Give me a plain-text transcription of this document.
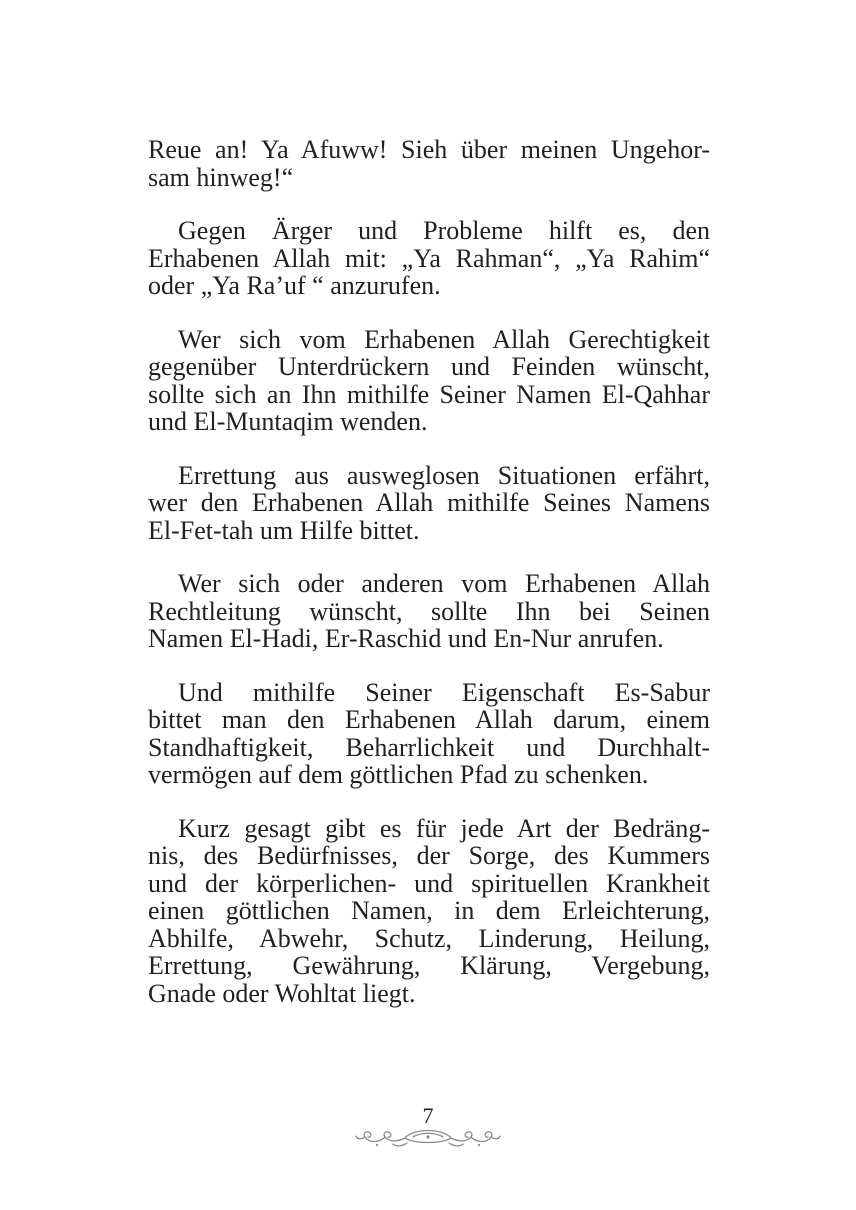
Reue an! Ya Afuww! Sieh über meinen Ungehor-
sam hinweg!“

Gegen Ärger und Probleme hilft es, den
Erhabenen Allah mit: „Ya Rahman“, „Ya Rahim“
oder „Ya Ra’uf “ anzurufen.

Wer sich vom Erhabenen Allah Gerechtigkeit
gegenüber Unterdrückern und Feinden wünscht,
sollte sich an Ihn mithilfe Seiner Namen El-Qahhar
und El-Muntaqim wenden.

Errettung aus ausweglosen Situationen erfährt,
wer den Erhabenen Allah mithilfe Seines Namens
El-Fet-tah um Hilfe bittet.

Wer sich oder anderen vom Erhabenen Allah
Rechtleitung wünscht, sollte Ihn bei Seinen
Namen El-Hadi, Er-Raschid und En-Nur anrufen.

Und mithilfe Seiner Eigenschaft Es-Sabur
bittet man den Erhabenen Allah darum, einem
Standhaftigkeit, Beharrlichkeit und Durchhalt-
vermögen auf dem göttlichen Pfad zu schenken.

Kurz gesagt gibt es für jede Art der Bedräng-
nis, des Bedürfnisses, der Sorge, des Kummers
und der körperlichen- und spirituellen Krankheit
einen göttlichen Namen, in dem Erleichterung,
Abhilfe, Abwehr, Schutz, Linderung, Heilung,
Errettung, Gewährung, Klärung, Vergebung,
Gnade oder Wohltat liegt.

7
